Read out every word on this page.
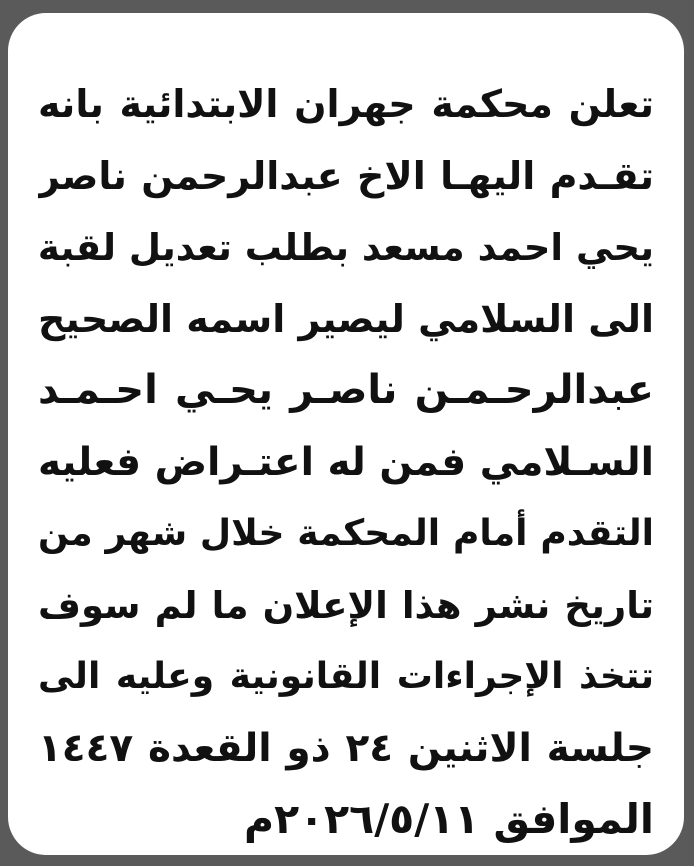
تعلن محكمة جهران الابتدائية بانه
تقـدم اليهـا الاخ عبدالرحمن ناصر
يحي احمد مسعد بطلب تعديل لقبة
الى السلامي ليصير اسمه الصحيح
عبدالرحـمـن ناصـر يحـي احـمـد
السـلامي فمن له اعتـراض فعليه
التقدم أمام المحكمة خلال شهر من
تاريخ نشر هذا الإعلان ما لم سوف
تتخذ الإجراءات القانونية وعليه الى
جلسة الاثنين ٢٤ ذو القعدة ١٤٤٧
الموافق ٢٠٢٦/٥/١١م
